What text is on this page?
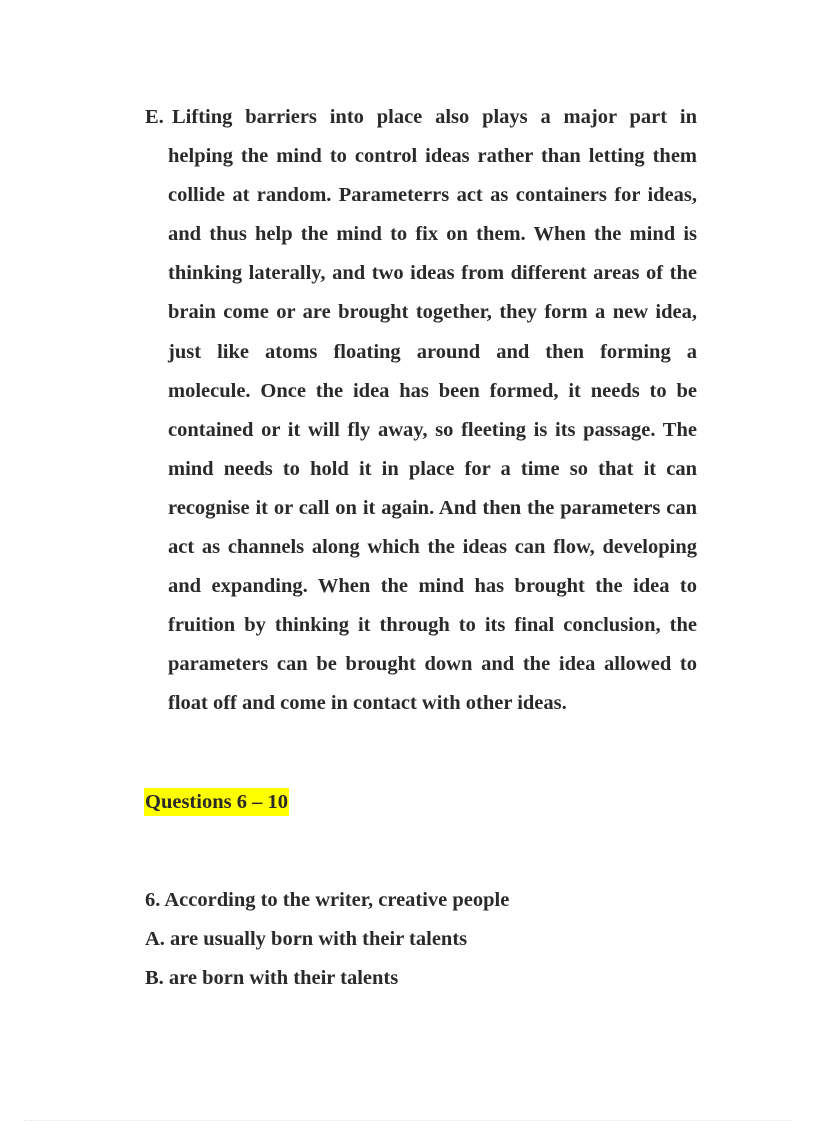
E. Lifting barriers into place also plays a major part in helping the mind to control ideas rather than letting them collide at random. Parameterrs act as containers for ideas, and thus help the mind to fix on them. When the mind is thinking laterally, and two ideas from different areas of the brain come or are brought together, they form a new idea, just like atoms floating around and then forming a molecule. Once the idea has been formed, it needs to be contained or it will fly away, so fleeting is its passage. The mind needs to hold it in place for a time so that it can recognise it or call on it again. And then the parameters can act as channels along which the ideas can flow, developing and expanding. When the mind has brought the idea to fruition by thinking it through to its final conclusion, the parameters can be brought down and the idea allowed to float off and come in contact with other ideas.
Questions 6 – 10
6. According to the writer, creative people
A. are usually born with their talents
B. are born with their talents
